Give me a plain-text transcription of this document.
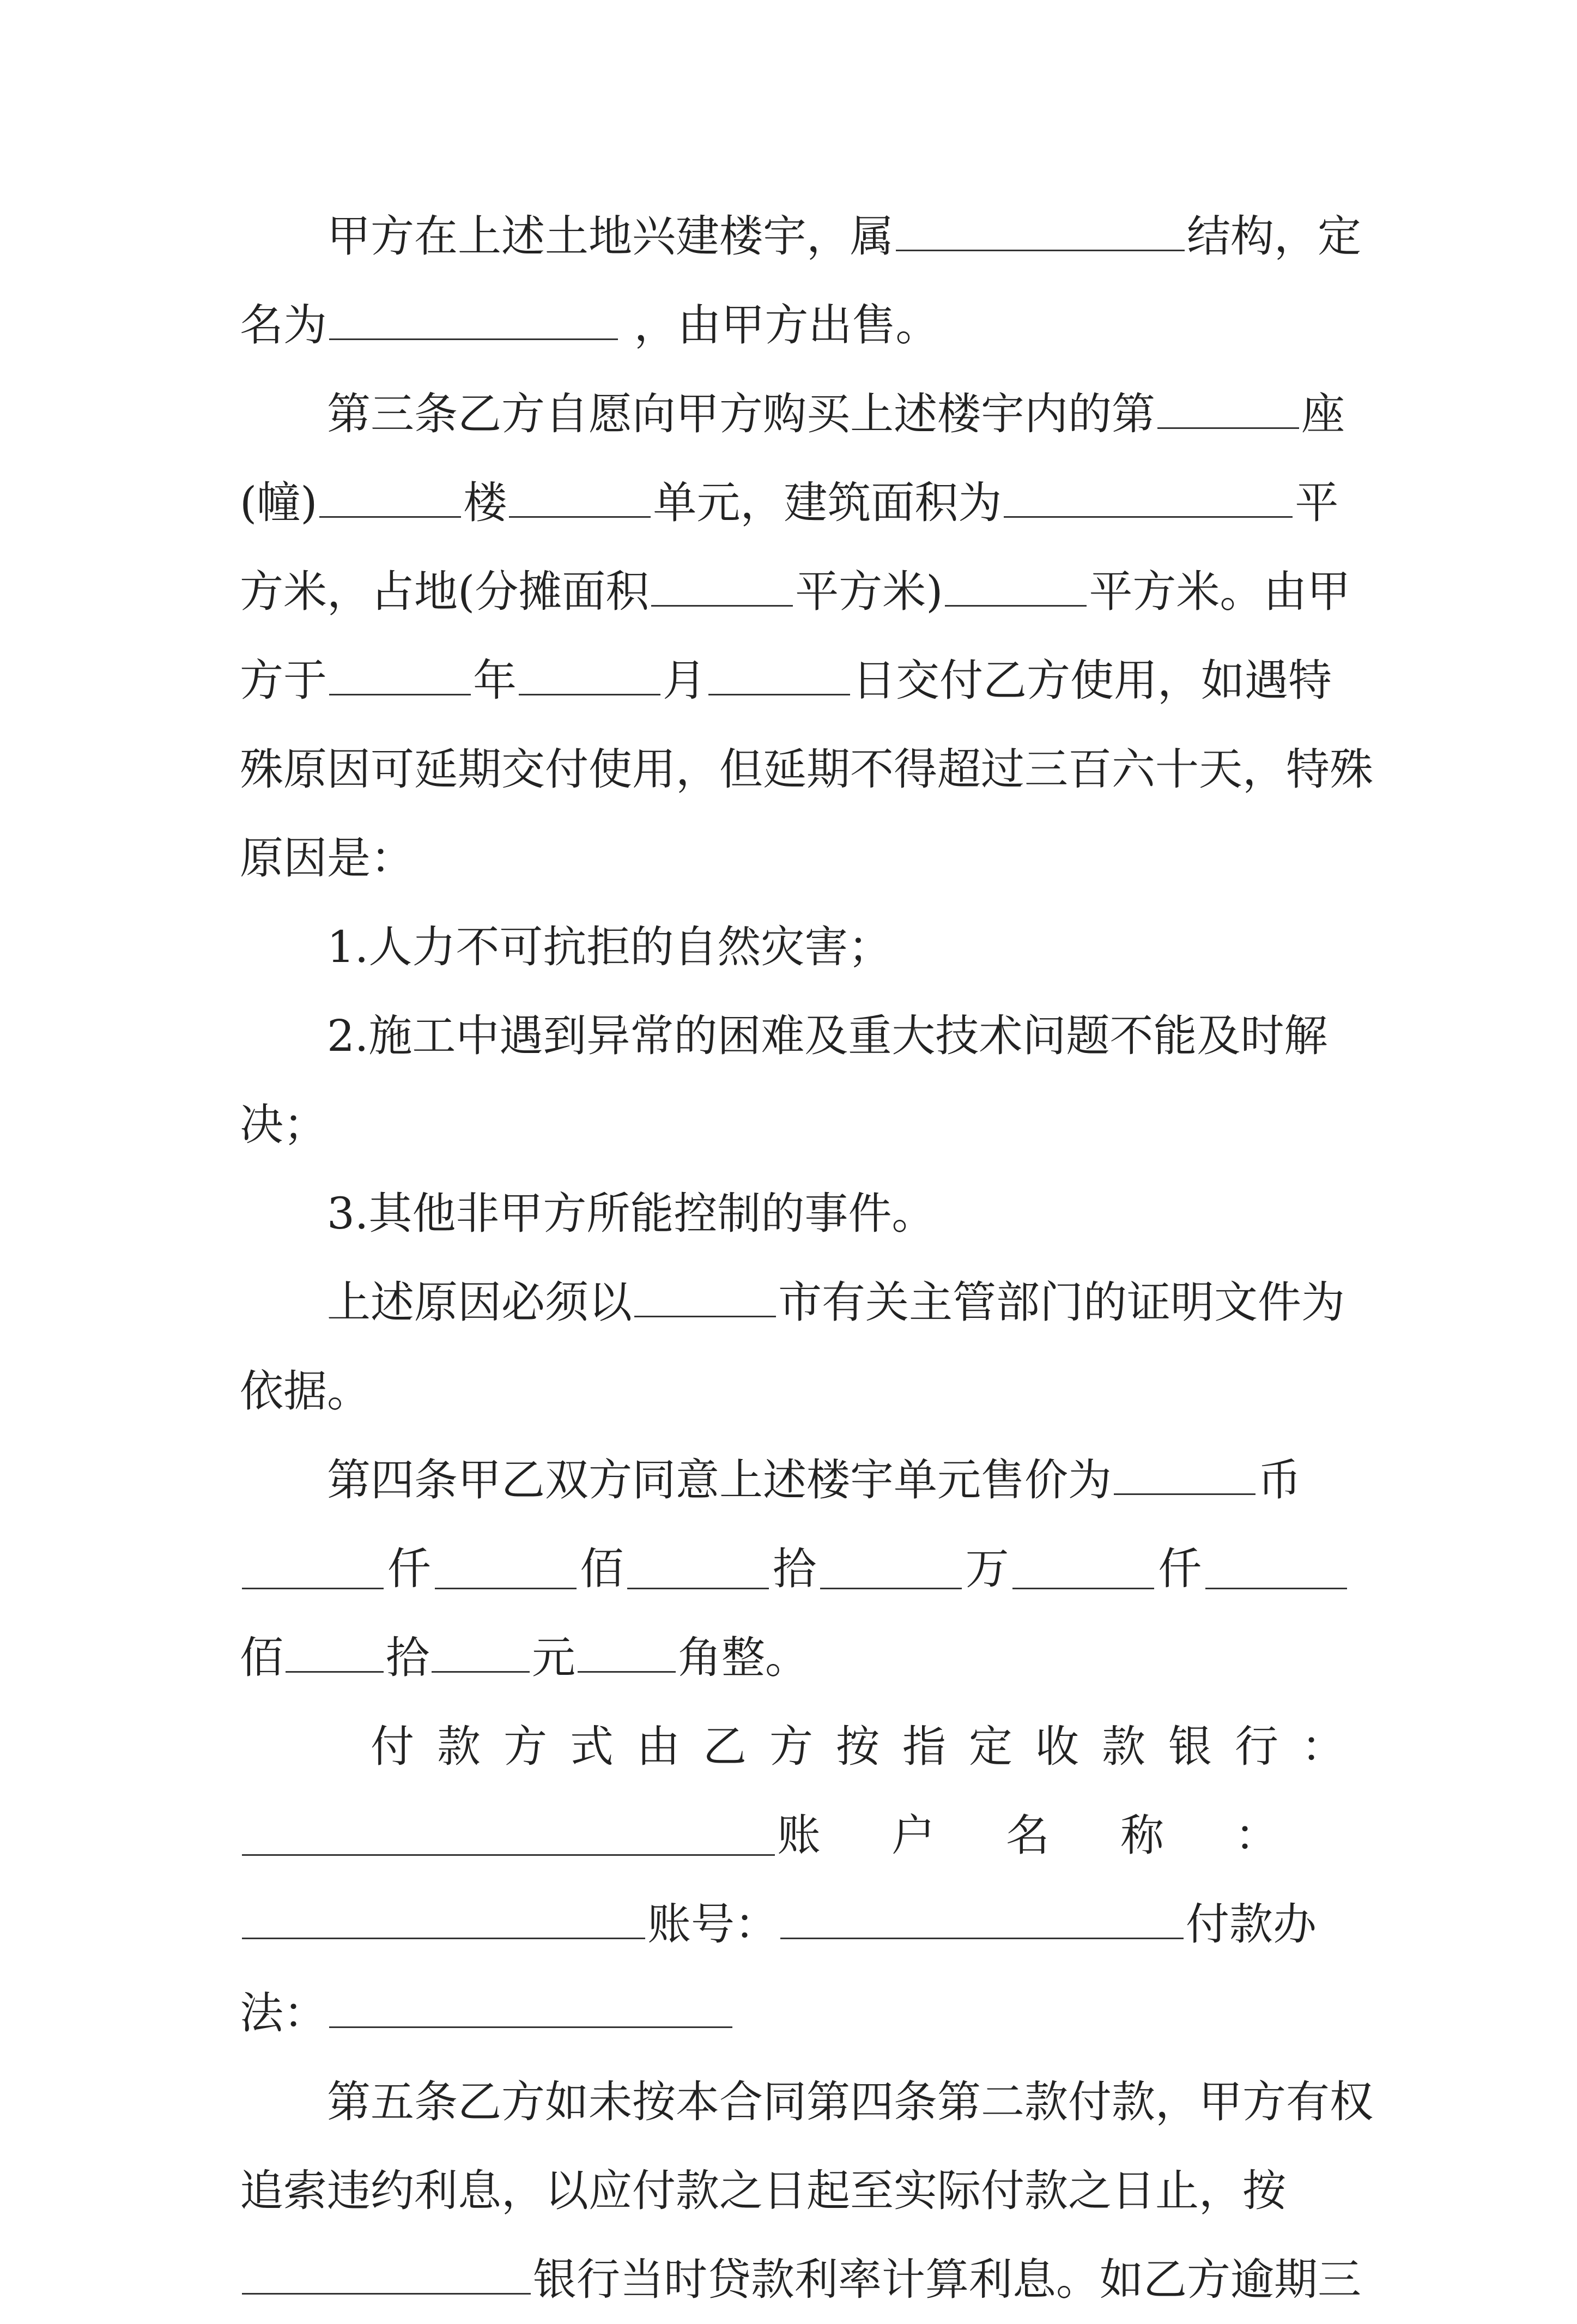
甲方在上述土地兴建楼宇，属	结构，定
名为	，由甲方出售。
第三条乙方自愿向甲方购买上述楼宇内的第	座
(幢)	楼	单元，建筑面积为	平
方米，占地(分摊面积	平方米)	平方米。由甲
方于	年	月	日交付乙方使用，如遇特
殊原因可延期交付使用，但延期不得超过三百六十天，特殊
原因是：
1.人力不可抗拒的自然灾害；
2.施工中遇到异常的困难及重大技术问题不能及时解
决；
3.其他非甲方所能控制的事件。
上述原因必须以	市有关主管部门的证明文件为
依据。
第四条甲乙双方同意上述楼宇单元售价为	币
仟	佰	拾	万	仟
佰 拾 元 角整。
付款方式由乙方按指定收款银行：
账户名称：
账号：	付款办
法：
第五条乙方如未按本合同第四条第二款付款，甲方有权
追索违约利息，以应付款之日起至实际付款之日止，按
银行当时贷款利率计算利息。如乙方逾期三
